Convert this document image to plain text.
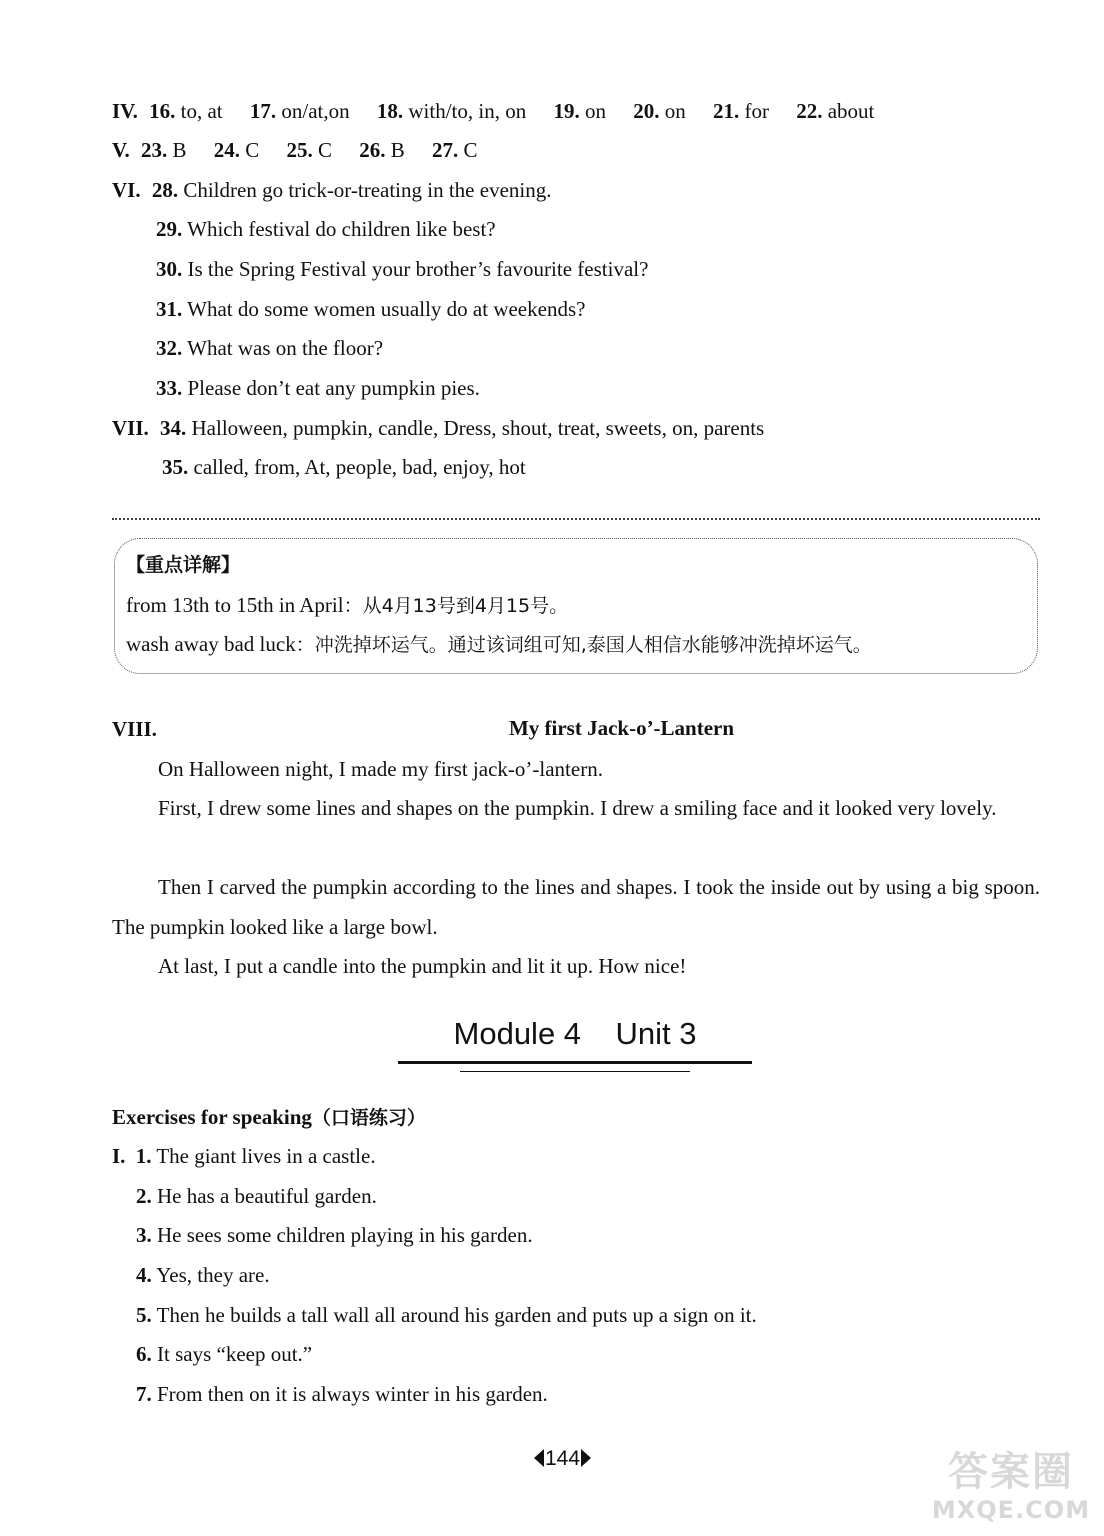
IV. 16. to, at 17. on/at,on 18. with/to, in, on 19. on 20. on 21. for 22. about
V. 23. B 24. C 25. C 26. B 27. C
VI. 28. Children go trick-or-treating in the evening.
29. Which festival do children like best?
30. Is the Spring Festival your brother’s favourite festival?
31. What do some women usually do at weekends?
32. What was on the floor?
33. Please don’t eat any pumpkin pies.
VII. 34. Halloween, pumpkin, candle, Dress, shout, treat, sweets, on, parents
35. called, from, At, people, bad, enjoy, hot
【重点详解】
from 13th to 15th in April：从4月13号到4月15号。
wash away bad luck：冲洗掉坏运气。通过该词组可知,泰国人相信水能够冲洗掉坏运气。
VIII.	My first Jack-o’-Lantern
On Halloween night, I made my first jack-o’-lantern.
First, I drew some lines and shapes on the pumpkin. I drew a smiling face and it looked very lovely.
Then I carved the pumpkin according to the lines and shapes. I took the inside out by using a big spoon. The pumpkin looked like a large bowl.
At last, I put a candle into the pumpkin and lit it up. How nice!
Module 4    Unit 3
Exercises for speaking（口语练习）
I. 1. The giant lives in a castle.
2. He has a beautiful garden.
3. He sees some children playing in his garden.
4. Yes, they are.
5. Then he builds a tall wall all around his garden and puts up a sign on it.
6. It says “keep out.”
7. From then on it is always winter in his garden.
144	答案圈
MXQE.COM
